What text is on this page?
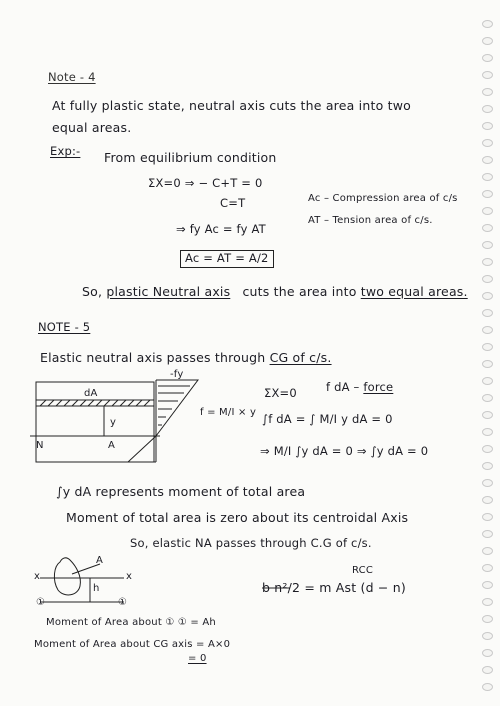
Note - 4
At fully plastic state, neutral axis cuts the area into two
equal areas.
Exp:- From equilibrium condition
ΣX=0 ⇒ − C+T = 0
C=T
⇒ fy Ac = fy AT
Ac = AT = A/2
Ac – Compression area of c/s
AT – Tension area of c/s.
So, plastic Neutral axis cuts the area into two equal areas.
NOTE - 5
Elastic neutral axis passes through CG of c/s.
-fy
dA
y
N	A
f = M/I × y
ΣX=0	f dA – force
∫f dA = ∫ M/I y dA = 0
⇒ M/I ∫y dA = 0 ⇒ ∫y dA = 0
∫y dA represents moment of total area
Moment of total area is zero about its centroidal Axis
So, elastic NA passes through C.G of c/s.
A
x	x
h
①	①
Moment of Area about ① ① = Ah
Moment of Area about CG axis = A×0
= 0
RCC
b n²/2 = m Ast (d − n)
